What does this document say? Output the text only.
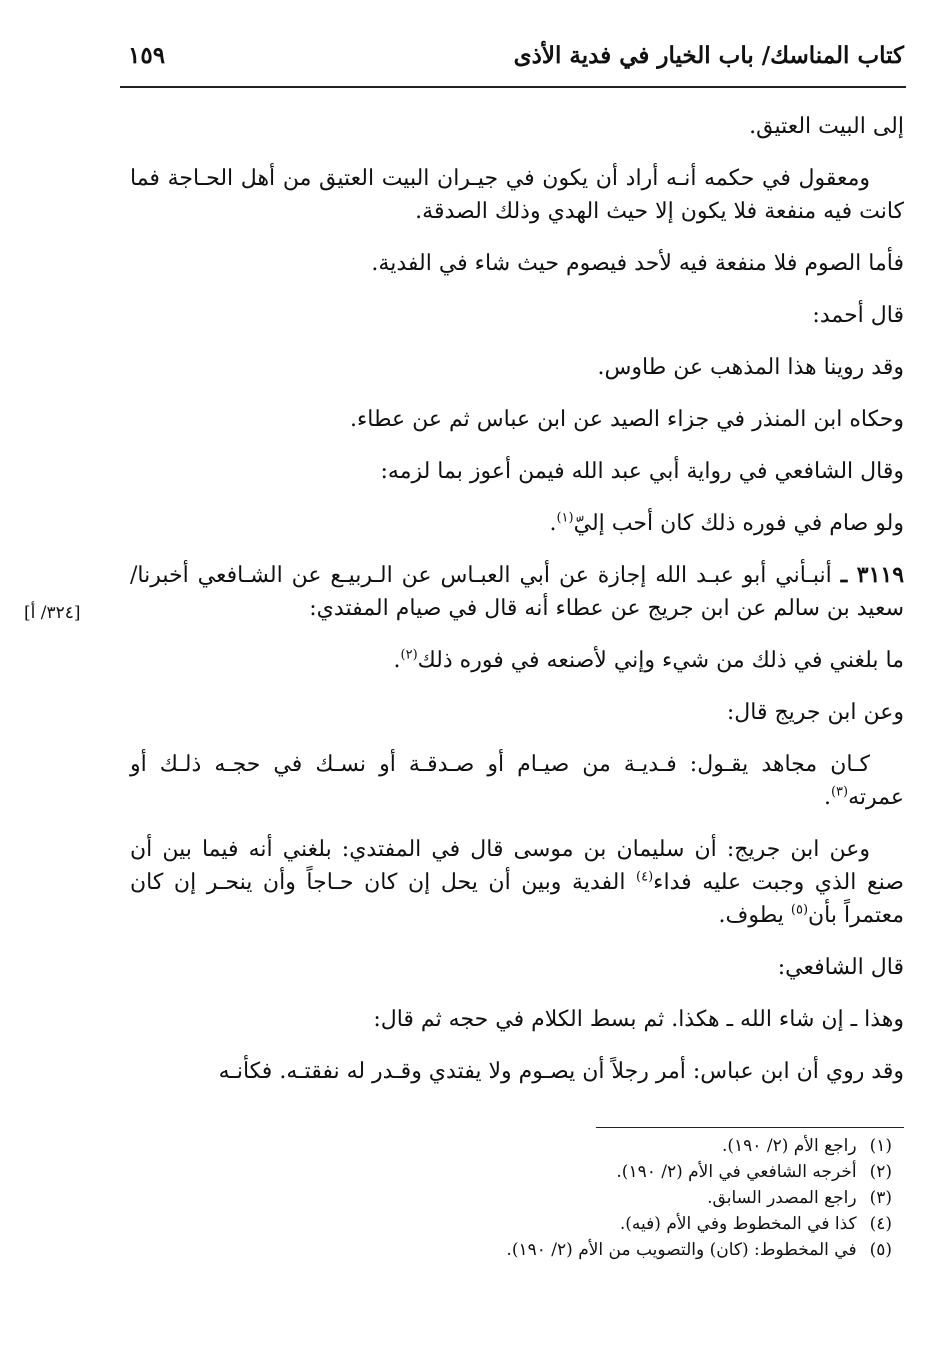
كتاب المناسك/ باب الخيار في فدية الأذى
١٥٩

إلى البيت العتيق.

ومعقول في حكمه أنـه أراد أن يكون في جيـران البيت العتيق من أهل الحـاجة فما كانت فيه منفعة فلا يكون إلا حيث الهدي وذلك الصدقة.

فأما الصوم فلا منفعة فيه لأحد فيصوم حيث شاء في الفدية.

قال أحمد:

وقد روينا هذا المذهب عن طاوس.

وحكاه ابن المنذر في جزاء الصيد عن ابن عباس ثم عن عطاء.

وقال الشافعي في رواية أبي عبد الله فيمن أعوز بما لزمه:

ولو صام في فوره ذلك كان أحب إليّ$^{(١)}$.

٣١١٩ ـ أنبـأني أبو عبـد الله إجازة عن أبي العبـاس عن الـربيـع عن الشـافعي أخبرنا/ سعيد بن سالم عن ابن جريج عن عطاء أنه قال في صيام المفتدي:

ما بلغني في ذلك من شيء وإني لأصنعه في فوره ذلك$^{(٢)}$.

وعن ابن جريج قال:

كـان مجاهد يقـول: فـديـة من صيـام أو صـدقـة أو نسـك في حجـه ذلـك أو عمرته$^{(٣)}$.

وعن ابن جريج: أن سليمان بن موسى قال في المفتدي: بلغني أنه فيما بين أن صنع الذي وجبت عليه فداء$^{(٤)}$ الفدية وبين أن يحل إن كان حـاجاً وأن ينحـر إن كان معتمراً بأن$^{(٥)}$ يطوف.

قال الشافعي:

وهذا ـ إن شاء الله ـ هكذا. ثم بسط الكلام في حجه ثم قال:

وقد روي أن ابن عباس: أمر رجلاً أن يصـوم ولا يفتدي وقـدر له نفقتـه. فكأنـه

[٣٢٤/ أ]
(١) راجع الأم (٢/ ١٩٠).
(٢) أخرجه الشافعي في الأم (٢/ ١٩٠).
(٣) راجع المصدر السابق.
(٤) كذا في المخطوط وفي الأم (فيه).
(٥) في المخطوط: (كان) والتصويب من الأم (٢/ ١٩٠).
